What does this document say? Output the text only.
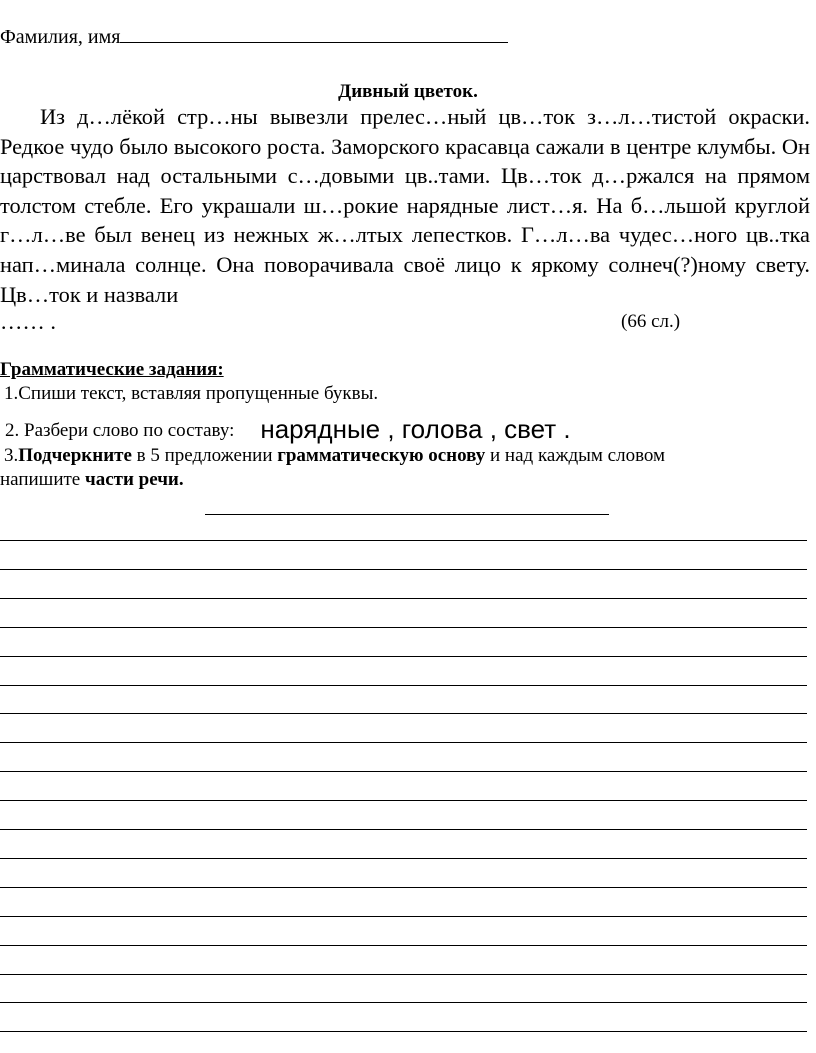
Фамилия, имя
Дивный цветок.

Из д…лёкой стр…ны вывезли прелес…ный цв…ток з…л…тистой окраски. Редкое чудо было высокого роста. Заморского красавца сажали в центре клумбы. Он царствовал над остальными с…довыми цв..тами. Цв…ток д…ржался на прямом толстом стебле. Его украшали ш…рокие нарядные лист…я. На б…льшой круглой г…л…ве был венец из нежных ж…лтых лепестков. Г…л…ва чудес…ного цв..тка нап…минала солнце. Она поворачивала своё лицо к яркому солнеч(?)ному свету. Цв…ток и назвали

…… .	(66 сл.)
Грамматические задания:
1.Спиши текст, вставляя пропущенные буквы.
2. Разбери слово по составу: нарядные , голова , свет .
3.Подчеркните в 5 предложении грамматическую основу и над каждым словом
напишите части речи.
